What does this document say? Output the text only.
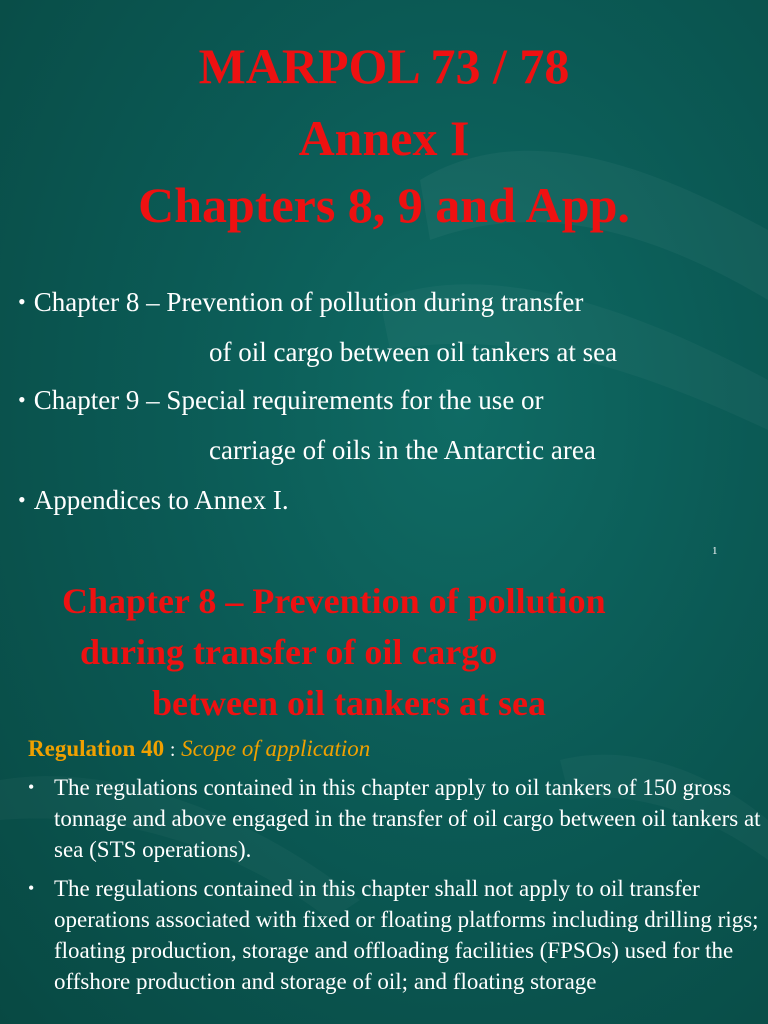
MARPOL 73 / 78
Annex I
Chapters 8, 9 and App.
• Chapter 8 – Prevention of pollution during transfer
of oil cargo between oil tankers at sea
• Chapter 9 – Special requirements for the use or
carriage of oils in the Antarctic area
• Appendices to Annex I.
1
Chapter 8 – Prevention of pollution
during transfer of oil cargo
between oil tankers at sea
Regulation 40 : Scope of application
• The regulations contained in this chapter apply to oil tankers of 150 gross tonnage and above engaged in the transfer of oil cargo between oil tankers at sea (STS operations).
• The regulations contained in this chapter shall not apply to oil transfer operations associated with fixed or floating platforms including drilling rigs; floating production, storage and offloading facilities (FPSOs) used for the offshore production and storage of oil; and floating storage
